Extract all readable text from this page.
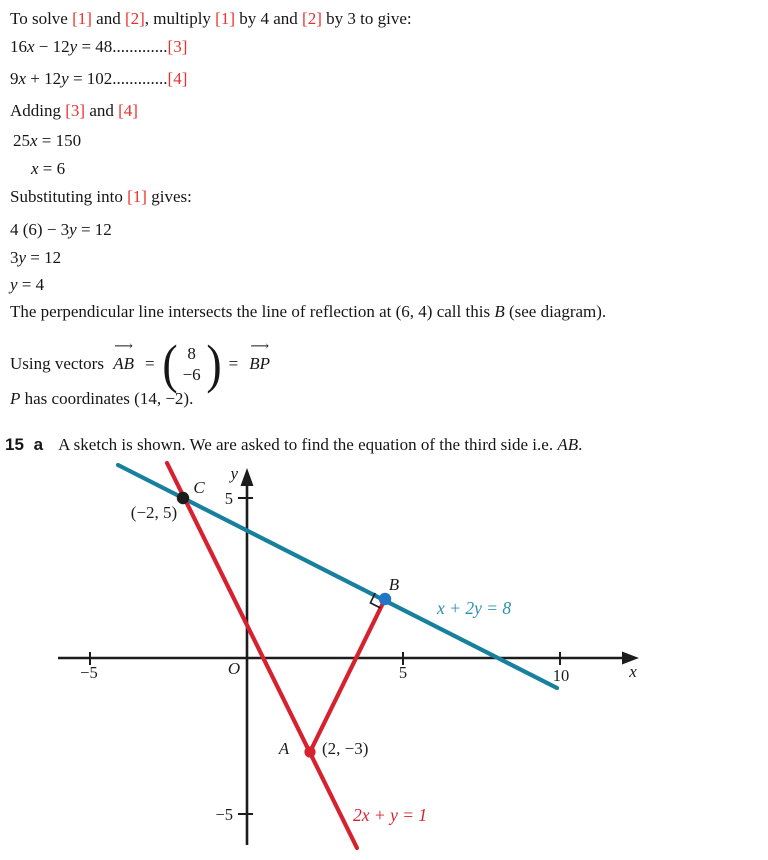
To solve [1] and [2], multiply [1] by 4 and [2] by 3 to give:
16x − 12y = 48.............[3]
9x + 12y = 102.............[4]
Adding [3] and [4]
25x = 150
x = 6
Substituting into [1] gives:
4 (6) − 3y = 12
3y = 12
y = 4
The perpendicular line intersects the line of reflection at (6, 4) call this B (see diagram).
P has coordinates (14, −2).
15 a A sketch is shown. We are asked to find the equation of the third side i.e. AB.
Using vectors
⟶
AB = ( 8
−6 ) =
⟶
BP
−5	5	10
5
−5
O	x
y
C
(−2, 5)
B
A (2, −3)
x + 2y = 8
2x + y = 1
